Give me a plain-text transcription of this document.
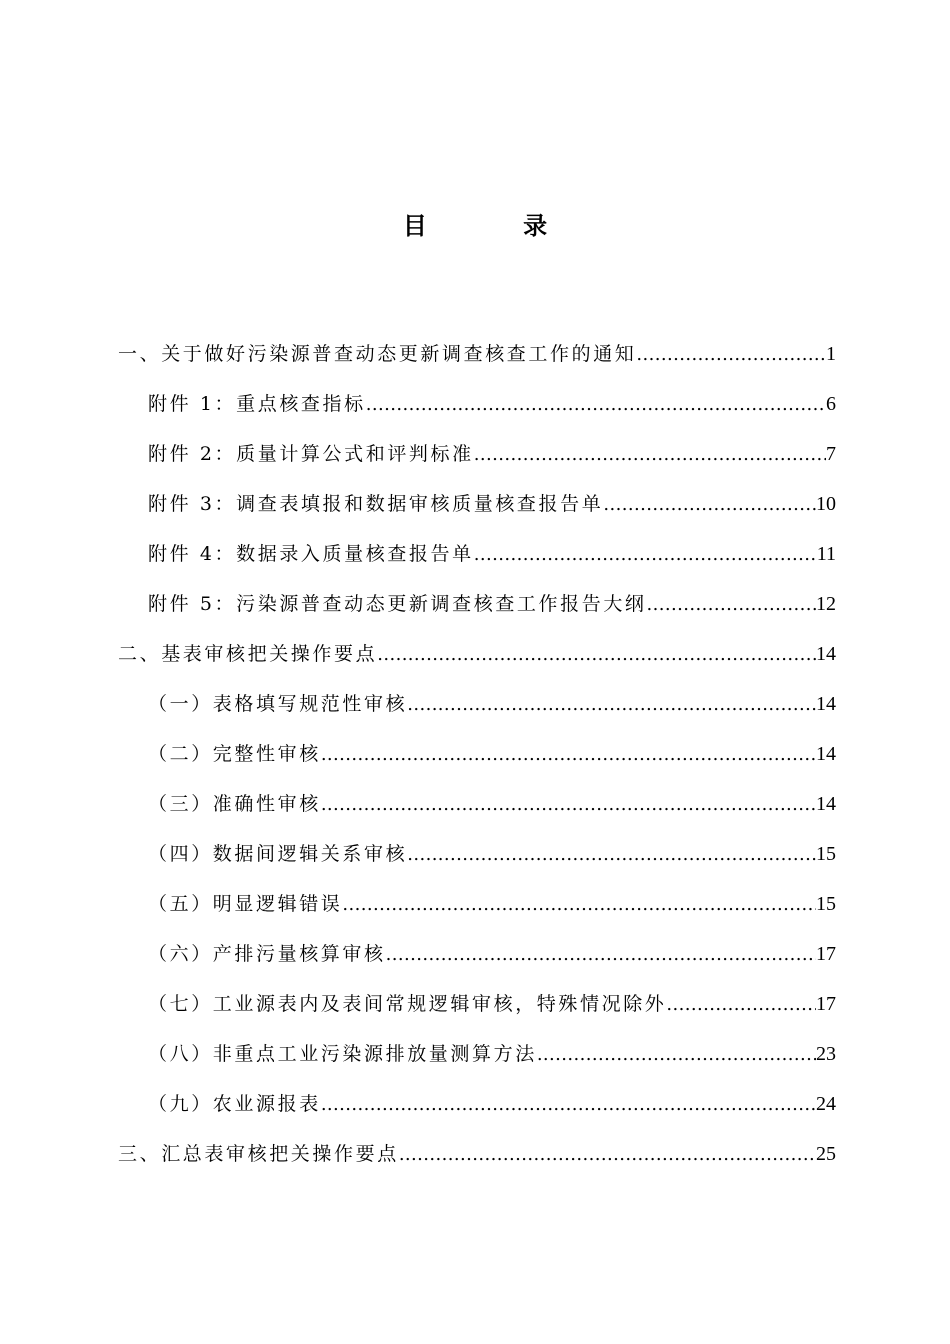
目 录
一、关于做好污染源普查动态更新调查核查工作的通知 .....	1
附件 1：重点核查指标 .....	6
附件 2：质量计算公式和评判标准 .....	7
附件 3：调查表填报和数据审核质量核查报告单 .....	10
附件 4：数据录入质量核查报告单 .....	11
附件 5：污染源普查动态更新调查核查工作报告大纲 .....	12
二、基表审核把关操作要点 .....	14
（一）表格填写规范性审核 .....	14
（二）完整性审核 .....	14
（三）准确性审核 .....	14
（四）数据间逻辑关系审核 .....	15
（五）明显逻辑错误 .....	15
（六）产排污量核算审核 .....	17
（七）工业源表内及表间常规逻辑审核，特殊情况除外 .....	17
（八）非重点工业污染源排放量测算方法 .....	23
（九）农业源报表 .....	24
三、汇总表审核把关操作要点 .....	25
